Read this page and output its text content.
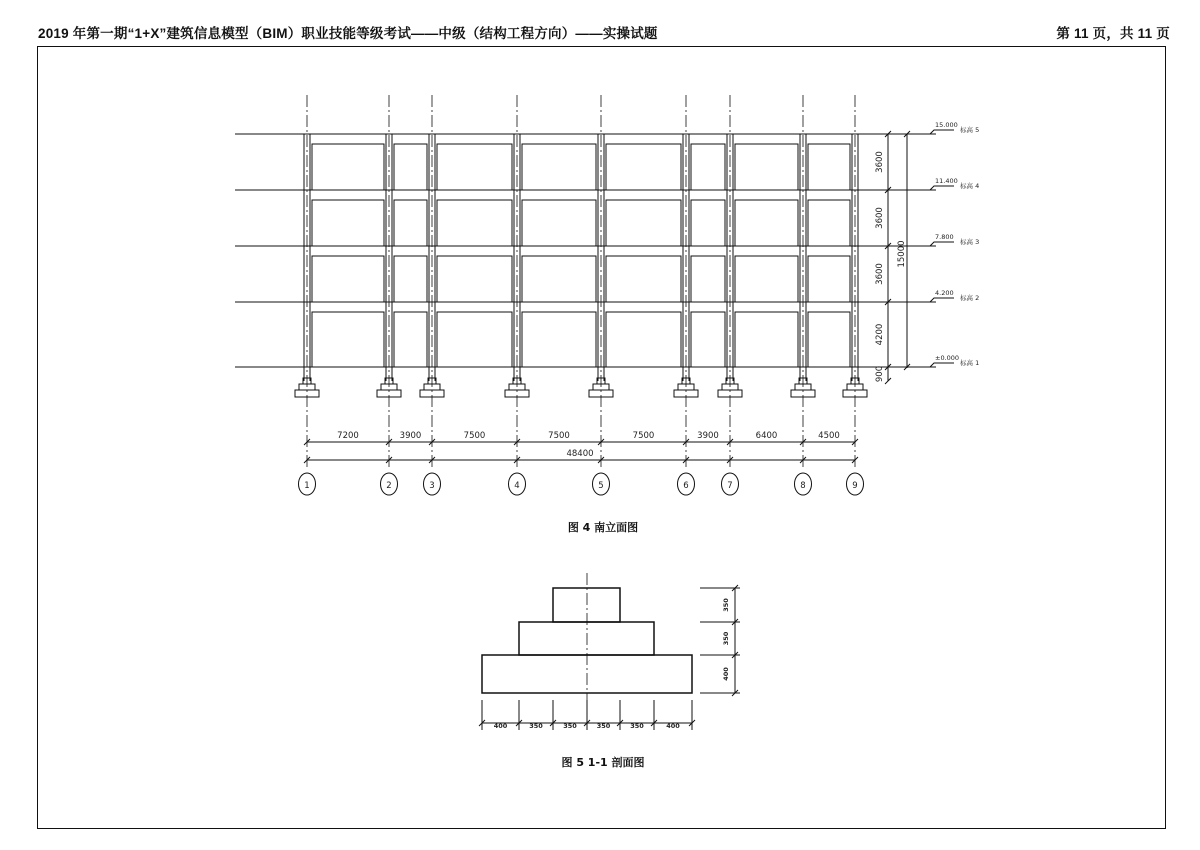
2019 年第一期“1+X”建筑信息模型（BIM）职业技能等级考试——中级（结构工程方向）——实操试题	第 11 页，共 11 页
7200	3900	7500	7500	7500	3900	6400	4500
48400
1	2	3	4	5	6	7	8	9
3600
3600
3600
4200
900
15000
15.000
标高 5
11.400
标高 4
7.800
标高 3
4.200
标高 2
±0.000
标高 1
图 4 南立面图
400	350	350	350	350	400
350
350
400
图 5 1-1 剖面图
